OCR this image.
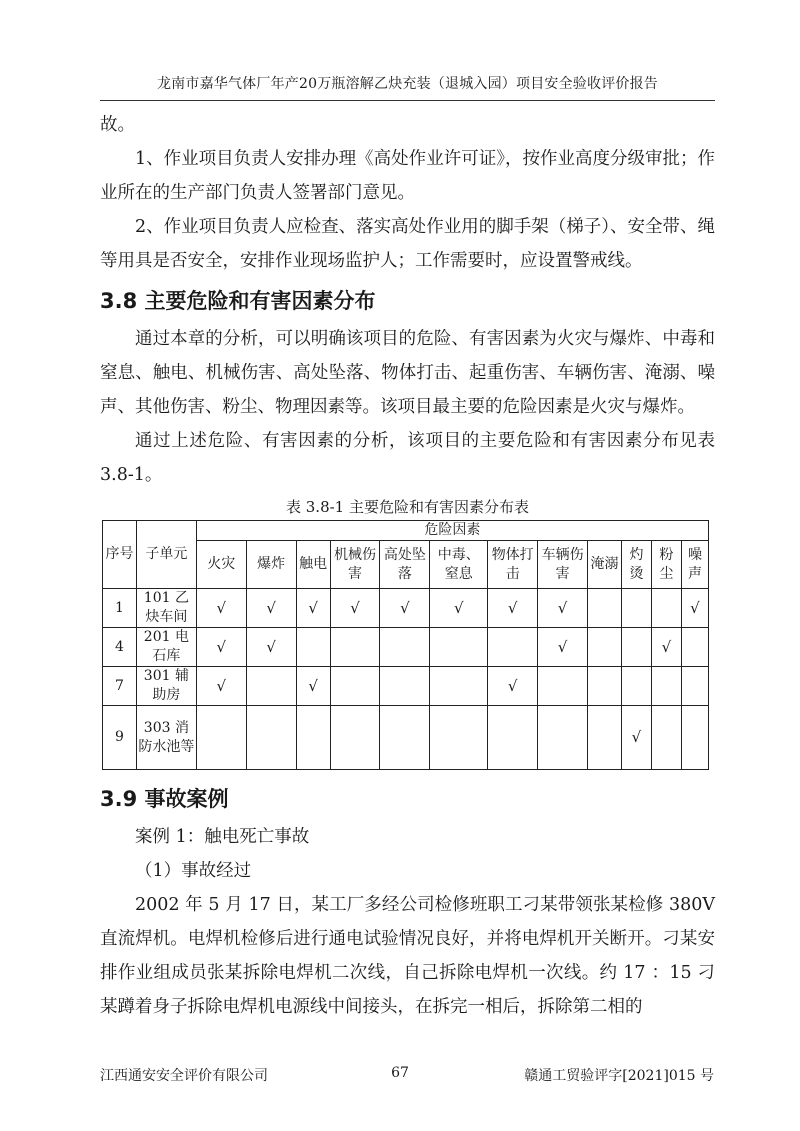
龙南市嘉华气体厂年产20万瓶溶解乙炔充装（退城入园）项目安全验收评价报告

故。

1、作业项目负责人安排办理《高处作业许可证》，按作业高度分级审批；作业所在的生产部门负责人签署部门意见。

2、作业项目负责人应检查、落实高处作业用的脚手架（梯子）、安全带、绳等用具是否安全，安排作业现场监护人；工作需要时，应设置警戒线。

3.8 主要危险和有害因素分布

通过本章的分析，可以明确该项目的危险、有害因素为火灾与爆炸、中毒和窒息、触电、机械伤害、高处坠落、物体打击、起重伤害、车辆伤害、淹溺、噪声、其他伤害、粉尘、物理因素等。该项目最主要的危险因素是火灾与爆炸。

通过上述危险、有害因素的分析，该项目的主要危险和有害因素分布见表 3.8-1。

表 3.8-1 主要危险和有害因素分布表
序号	子单元	危险因素											
		火灾	爆炸	触电	机械伤害	高处坠落	中毒、窒息	物体打击	车辆伤害	淹溺	灼烫	粉尘	噪声
1	101 乙炔车间	√	√	√	√	√	√	√	√				√
4	201 电石库	√	√						√			√	
7	301 辅助房	√		√				√					
9	303 消防水池等										√		
3.9 事故案例

案例 1：触电死亡事故

（1）事故经过

2002 年 5 月 17 日，某工厂多经公司检修班职工刁某带领张某检修 380V 直流焊机。电焊机检修后进行通电试验情况良好，并将电焊机开关断开。刁某安排作业组成员张某拆除电焊机二次线，自己拆除电焊机一次线。约 17 ：15 刁某蹲着身子拆除电焊机电源线中间接头，在拆完一相后，拆除第二相的

江西通安安全评价有限公司	67	赣通工贸验评字[2021]015 号
